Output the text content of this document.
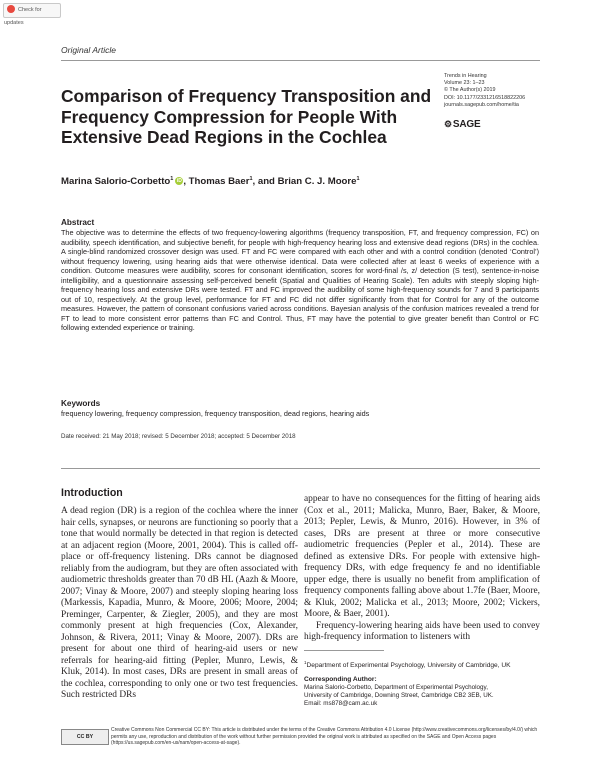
Check for updates
Original Article
Comparison of Frequency Transposition and Frequency Compression for People With Extensive Dead Regions in the Cochlea
Trends in Hearing
Volume 23: 1–23
© The Author(s) 2019
DOI: 10.1177/2331216518822206
journals.sagepub.com/home/tia
⚙SAGE
Marina Salorio-Corbetto$^1$ iD , Thomas Baer$^1$, and Brian C. J. Moore$^1$
Abstract
The objective was to determine the effects of two frequency-lowering algorithms (frequency transposition, FT, and frequency compression, FC) on audibility, speech identification, and subjective benefit, for people with high-frequency hearing loss and extensive dead regions (DRs) in the cochlea. A single-blind randomized crossover design was used. FT and FC were compared with each other and with a control condition (denoted ‘Control’) without frequency lowering, using hearing aids that were otherwise identical. Data were collected after at least 6 weeks of experience with a condition. Outcome measures were audibility, scores for consonant identification, scores for word-final /s, z/ detection (S test), sentence-in-noise intelligibility, and a questionnaire assessing self-perceived benefit (Spatial and Qualities of Hearing Scale). Ten adults with steeply sloping high-frequency hearing loss and extensive DRs were tested. FT and FC improved the audibility of some high-frequency sounds for 7 and 9 participants out of 10, respectively. At the group level, performance for FT and FC did not differ significantly from that for Control for any of the outcome measures. However, the pattern of consonant confusions varied across conditions. Bayesian analysis of the confusion matrices revealed a trend for FT to lead to more consistent error patterns than FC and Control. Thus, FT may have the potential to give greater benefit than Control or FC following extended experience or training.
Keywords
frequency lowering, frequency compression, frequency transposition, dead regions, hearing aids
Date received: 21 May 2018; revised: 5 December 2018; accepted: 5 December 2018
Introduction

A dead region (DR) is a region of the cochlea where the inner hair cells, synapses, or neurons are functioning so poorly that a tone that would normally be detected in that region is detected at an adjacent region (Moore, 2001, 2004). This is called off-place or off-frequency listening. DRs cannot be diagnosed reliably from the audiogram, but they are often associated with audiometric thresholds greater than 70 dB HL (Aazh & Moore, 2007; Vinay & Moore, 2007) and steeply sloping hearing loss (Markessis, Kapadia, Munro, & Moore, 2006; Moore, 2004; Preminger, Carpenter, & Ziegler, 2005), and they are most commonly present at high frequencies (Cox, Alexander, Johnson, & Rivera, 2011; Vinay & Moore, 2007). DRs are present for about one third of hearing-aid users or new referrals for hearing-aid fitting (Pepler, Munro, Lewis, & Kluk, 2014). In most cases, DRs are present in small areas of the cochlea, corresponding to only one or two test frequencies. Such restricted DRs

appear to have no consequences for the fitting of hearing aids (Cox et al., 2011; Malicka, Munro, Baer, Baker, & Moore, 2013; Pepler, Lewis, & Munro, 2016). However, in 3% of cases, DRs are present at three or more consecutive audiometric frequencies (Pepler et al., 2014). These are defined as extensive DRs. For people with extensive high-frequency DRs, with edge frequency fe and no identifiable upper edge, there is usually no benefit from amplification of frequency components falling above about 1.7fe (Baer, Moore, & Kluk, 2002; Malicka et al., 2013; Moore, 2002; Vickers, Moore, & Baer, 2001).

Frequency-lowering hearing aids have been used to convey high-frequency information to listeners with

$^1$Department of Experimental Psychology, University of Cambridge, UK
Corresponding Author:
Marina Salorio-Corbetto, Department of Experimental Psychology,
University of Cambridge, Downing Street, Cambridge CB2 3EB, UK.
Email: ms878@cam.ac.uk
CC BY
Creative Commons Non Commercial CC BY: This article is distributed under the terms of the Creative Commons Attribution 4.0 License (http://www.creativecommons.org/licenses/by/4.0/) which permits any use, reproduction and distribution of the work without further permission provided the original work is attributed as specified on the SAGE and Open Access pages (https://us.sagepub.com/en-us/nam/open-access-at-sage).
